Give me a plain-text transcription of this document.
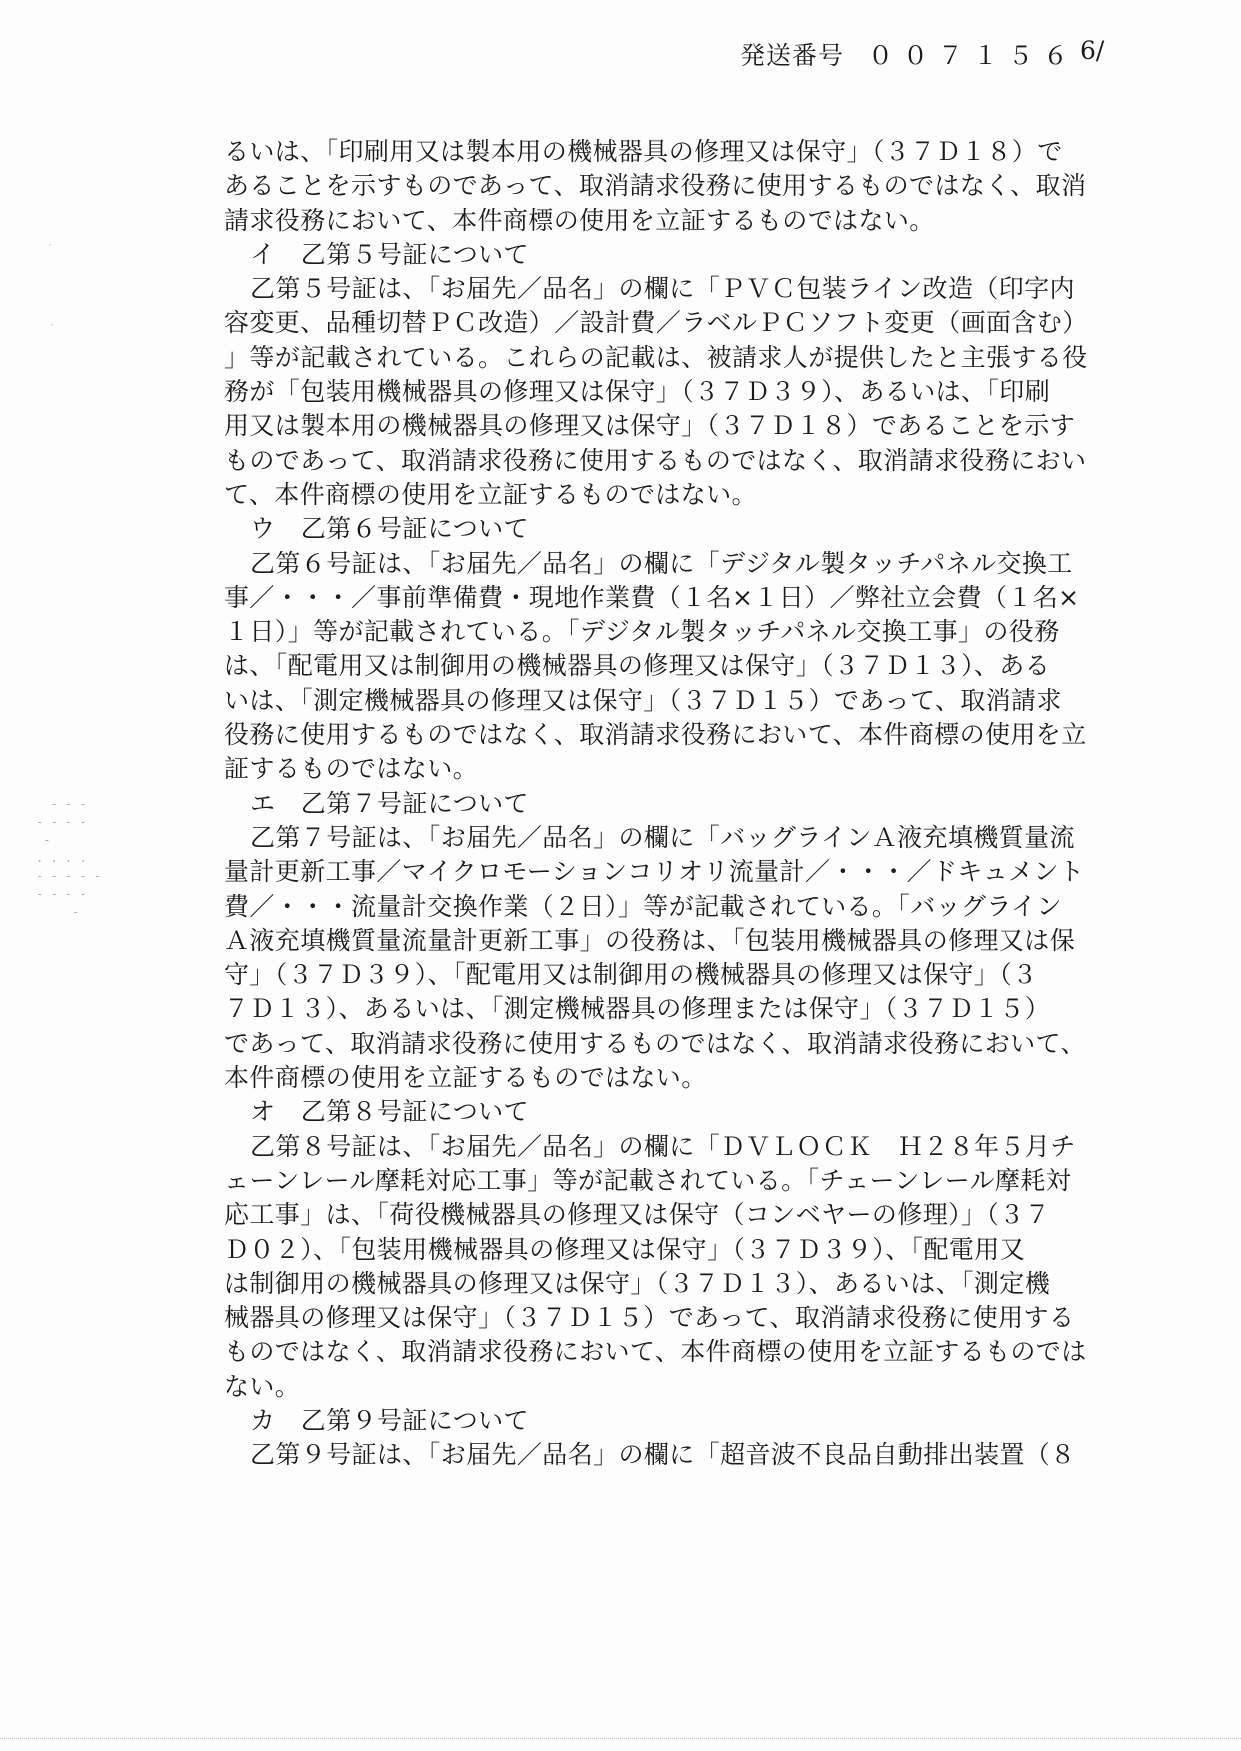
発送番号 ００７１５６ 6/
るいは、「印刷用又は製本用の機械器具の修理又は保守」（３７Ｄ１８）で
あることを示すものであって、取消請求役務に使用するものではなく、取消
請求役務において、本件商標の使用を立証するものではない。
イ　乙第５号証について
乙第５号証は、「お届先／品名」の欄に「ＰＶＣ包装ライン改造（印字内
容変更、品種切替ＰＣ改造）／設計費／ラベルＰＣソフト変更（画面含む）
」等が記載されている。これらの記載は、被請求人が提供したと主張する役
務が「包装用機械器具の修理又は保守」（３７Ｄ３９）、あるいは、「印刷
用又は製本用の機械器具の修理又は保守」（３７Ｄ１８）であることを示す
ものであって、取消請求役務に使用するものではなく、取消請求役務におい
て、本件商標の使用を立証するものではない。
ウ　乙第６号証について
乙第６号証は、「お届先／品名」の欄に「デジタル製タッチパネル交換工
事／・・・／事前準備費・現地作業費（１名×１日）／弊社立会費（１名×
１日）」等が記載されている。「デジタル製タッチパネル交換工事」の役務
は、「配電用又は制御用の機械器具の修理又は保守」（３７Ｄ１３）、ある
いは、「測定機械器具の修理又は保守」（３７Ｄ１５）であって、取消請求
役務に使用するものではなく、取消請求役務において、本件商標の使用を立
証するものではない。
エ　乙第７号証について
乙第７号証は、「お届先／品名」の欄に「バッグラインＡ液充填機質量流
量計更新工事／マイクロモーションコリオリ流量計／・・・／ドキュメント
費／・・・流量計交換作業（２日）」等が記載されている。「バッグライン
Ａ液充填機質量流量計更新工事」の役務は、「包装用機械器具の修理又は保
守」（３７Ｄ３９）、「配電用又は制御用の機械器具の修理又は保守」（３
７Ｄ１３）、あるいは、「測定機械器具の修理または保守」（３７Ｄ１５）
であって、取消請求役務に使用するものではなく、取消請求役務において、
本件商標の使用を立証するものではない。
オ　乙第８号証について
乙第８号証は、「お届先／品名」の欄に「ＤＶＬＯＣＫ　Ｈ２８年５月チ
ェーンレール摩耗対応工事」等が記載されている。「チェーンレール摩耗対
応工事」は、「荷役機械器具の修理又は保守（コンベヤーの修理）」（３７
Ｄ０２）、「包装用機械器具の修理又は保守」（３７Ｄ３９）、「配電用又
は制御用の機械器具の修理又は保守」（３７Ｄ１３）、あるいは、「測定機
械器具の修理又は保守」（３７Ｄ１５）であって、取消請求役務に使用する
ものではなく、取消請求役務において、本件商標の使用を立証するものでは
ない。
カ　乙第９号証について
乙第９号証は、「お届先／品名」の欄に「超音波不良品自動排出装置（８
- - -
- - - -
-
. . . .
- - - - -
- - - -
-
·
·
